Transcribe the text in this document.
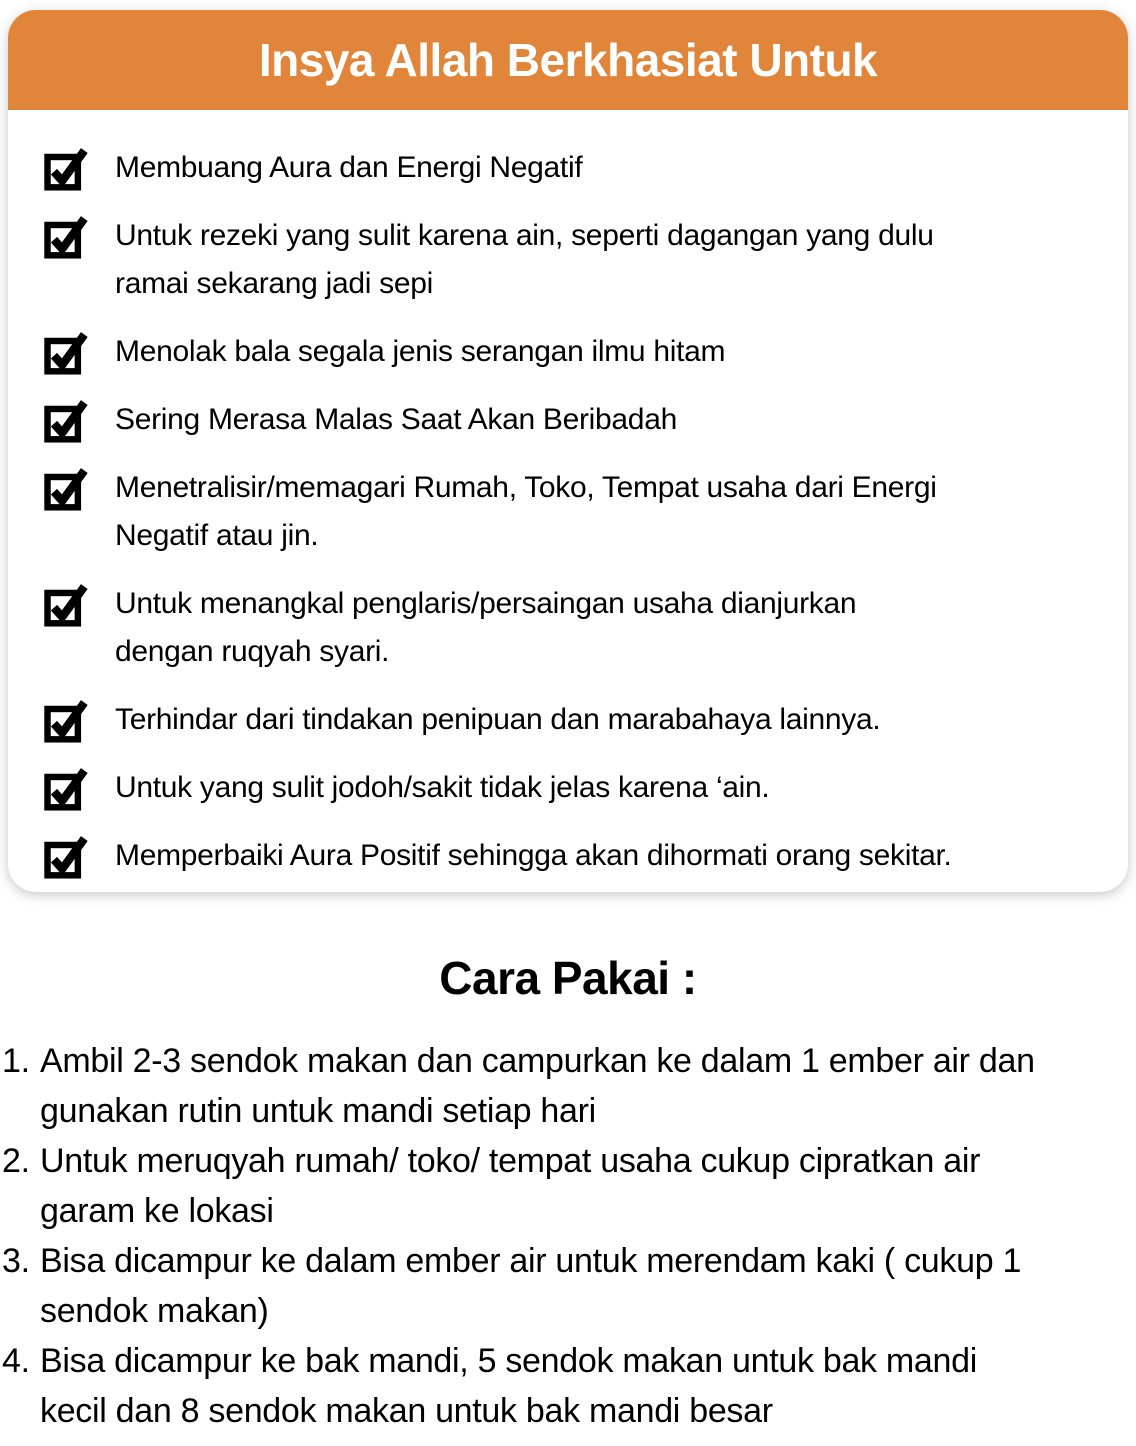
Insya Allah Berkhasiat Untuk
Membuang Aura dan Energi Negatif
Untuk rezeki yang sulit karena ain, seperti dagangan yang dulu
ramai sekarang jadi sepi
Menolak bala segala jenis serangan ilmu hitam
Sering Merasa Malas Saat Akan Beribadah
Menetralisir/memagari Rumah, Toko, Tempat usaha dari Energi
Negatif atau jin.
Untuk menangkal penglaris/persaingan usaha dianjurkan
dengan ruqyah syari.
Terhindar dari tindakan penipuan dan marabahaya lainnya.
Untuk yang sulit jodoh/sakit tidak jelas karena ‘ain.
Memperbaiki Aura Positif sehingga akan dihormati orang sekitar.
Cara Pakai :
1. Ambil 2-3 sendok makan dan campurkan ke dalam 1 ember air dan
gunakan rutin untuk mandi setiap hari
2. Untuk meruqyah rumah/ toko/ tempat usaha cukup cipratkan air
garam ke lokasi
3. Bisa dicampur ke dalam ember air untuk merendam kaki ( cukup 1
sendok makan)
4. Bisa dicampur ke bak mandi, 5 sendok makan untuk bak mandi
kecil dan 8 sendok makan untuk bak mandi besar
